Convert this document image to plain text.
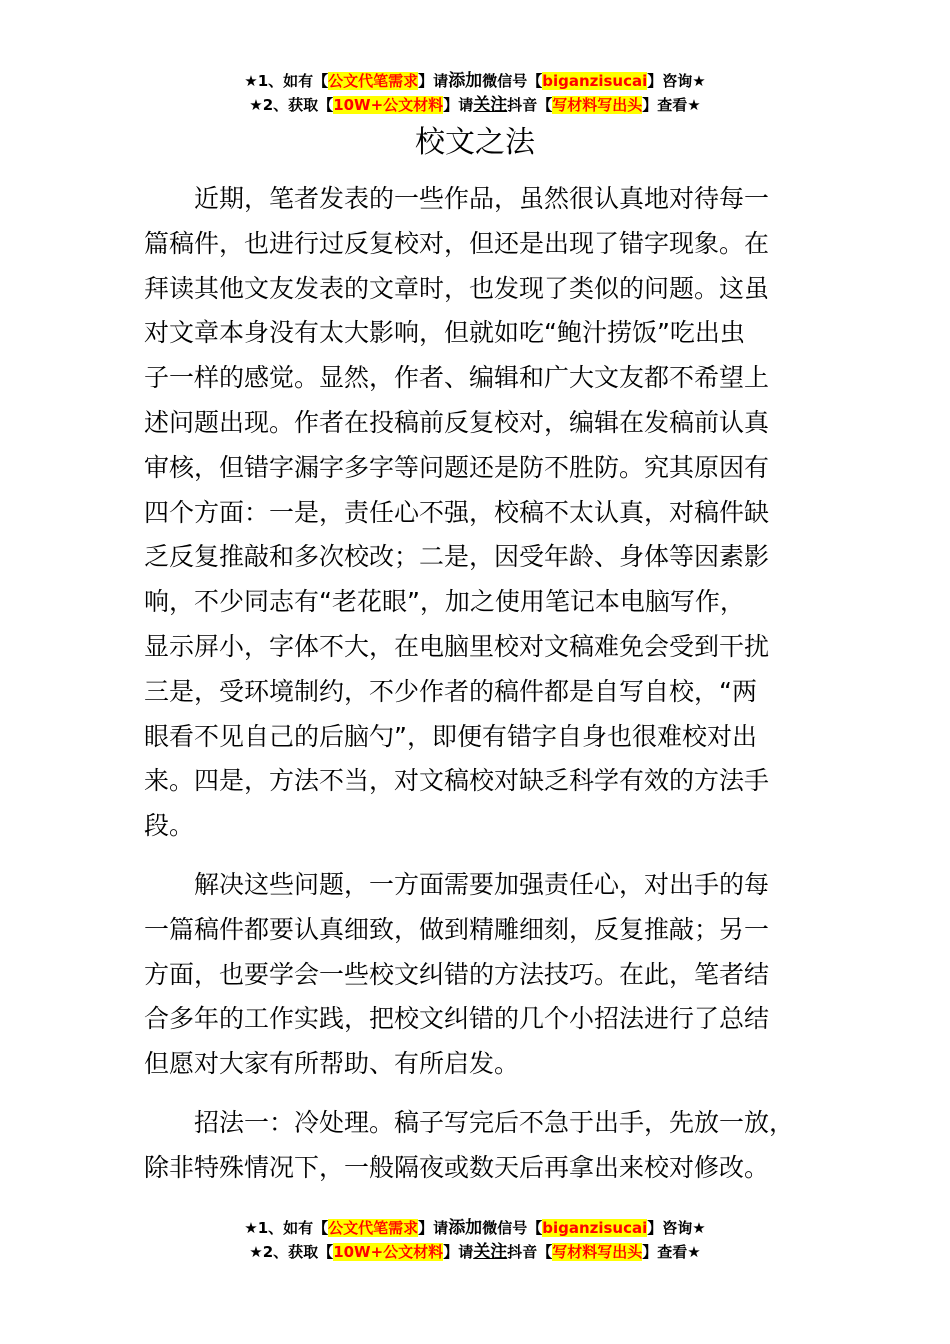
★1、如有【公文代笔需求】请添加微信号【biganzisucai】咨询★
★2、获取【10W+公文材料】请关注抖音【写材料写出头】查看★
校文之法

近期，笔者发表的一些作品，虽然很认真地对待每一
篇稿件，也进行过反复校对，但还是出现了错字现象。在
拜读其他文友发表的文章时，也发现了类似的问题。这虽
对文章本身没有太大影响，但就如吃“鲍汁捞饭”吃出虫
子一样的感觉。显然，作者、编辑和广大文友都不希望上
述问题出现。作者在投稿前反复校对，编辑在发稿前认真
审核，但错字漏字多字等问题还是防不胜防。究其原因有
四个方面：一是，责任心不强，校稿不太认真，对稿件缺
乏反复推敲和多次校改；二是，因受年龄、身体等因素影
响，不少同志有“老花眼”，加之使用笔记本电脑写作，
显示屏小，字体不大，在电脑里校对文稿难免会受到干扰
三是，受环境制约，不少作者的稿件都是自写自校，“两
眼看不见自己的后脑勺”，即便有错字自身也很难校对出
来。四是，方法不当，对文稿校对缺乏科学有效的方法手
段。

解决这些问题，一方面需要加强责任心，对出手的每
一篇稿件都要认真细致，做到精雕细刻，反复推敲；另一
方面，也要学会一些校文纠错的方法技巧。在此，笔者结
合多年的工作实践，把校文纠错的几个小招法进行了总结
但愿对大家有所帮助、有所启发。

招法一：冷处理。稿子写完后不急于出手，先放一放，
除非特殊情况下，一般隔夜或数天后再拿出来校对修改。

★1、如有【公文代笔需求】请添加微信号【biganzisucai】咨询★
★2、获取【10W+公文材料】请关注抖音【写材料写出头】查看★
